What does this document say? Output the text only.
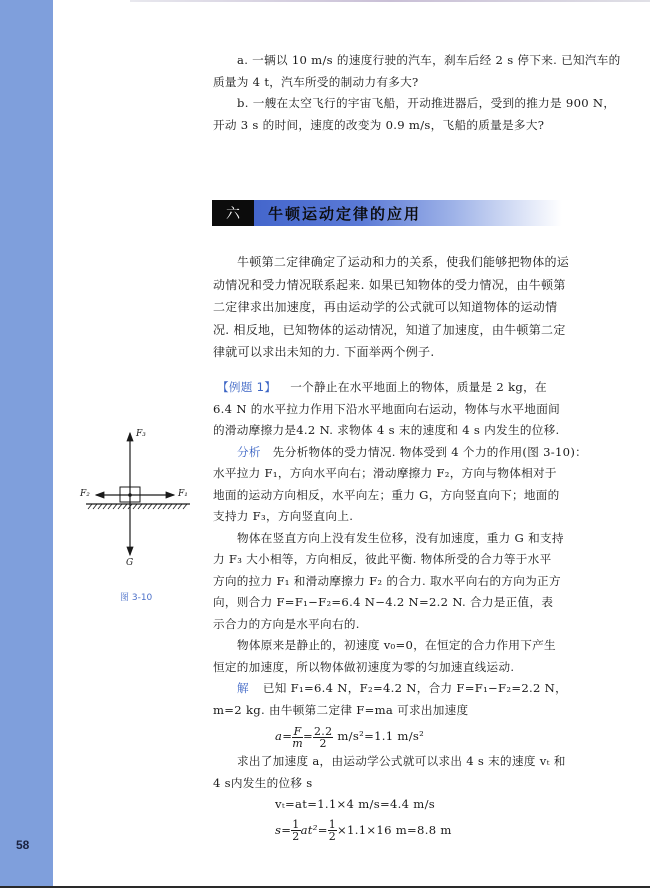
58
a. 一辆以 10 m/s 的速度行驶的汽车，刹车后经 2 s 停下来. 已知汽车的
质量为 4 t，汽车所受的制动力有多大?
b. 一艘在太空飞行的宇宙飞船，开动推进器后，受到的推力是 900 N，
开动 3 s 的时间，速度的改变为 0.9 m/s，飞船的质量是多大?
六	牛顿运动定律的应用
牛顿第二定律确定了运动和力的关系，使我们能够把物体的运
动情况和受力情况联系起来. 如果已知物体的受力情况，由牛顿第
二定律求出加速度，再由运动学的公式就可以知道物体的运动情
况. 相反地，已知物体的运动情况，知道了加速度，由牛顿第二定
律就可以求出未知的力. 下面举两个例子.
【例题 1】 一个静止在水平地面上的物体，质量是 2 kg，在
6.4 N 的水平拉力作用下沿水平地面向右运动，物体与水平地面间
的滑动摩擦力是4.2 N. 求物体 4 s 末的速度和 4 s 内发生的位移.
分析 先分析物体的受力情况. 物体受到 4 个力的作用(图 3-10)：
水平拉力 F₁，方向水平向右；滑动摩擦力 F₂，方向与物体相对于
地面的运动方向相反，水平向左；重力 G，方向竖直向下；地面的
支持力 F₃，方向竖直向上.
物体在竖直方向上没有发生位移，没有加速度，重力 G 和支持
力 F₃ 大小相等，方向相反，彼此平衡. 物体所受的合力等于水平
方向的拉力 F₁ 和滑动摩擦力 F₂ 的合力. 取水平向右的方向为正方
向，则合力 F=F₁−F₂=6.4 N−4.2 N=2.2 N. 合力是正值，表
示合力的方向是水平向右的.
物体原来是静止的，初速度 v₀=0，在恒定的合力作用下产生
恒定的加速度，所以物体做初速度为零的匀加速直线运动.
解 已知 F₁=6.4 N，F₂=4.2 N，合力 F=F₁−F₂=2.2 N，
m=2 kg. 由牛顿第二定律 F=ma 可求出加速度
$a= \frac{F}{m} = \frac{2.2}{2} m/s^2=1.1$ m/s²
求出了加速度 a，由运动学公式就可以求出 4 s 末的速度 vₜ 和
4 s内发生的位移 s
vₜ=at=1.1×4 m/s=4.4 m/s
$s= \frac{1}{2} at^2= \frac{1}{2} \times 1.1\times 16$ m=8.8 m
F₃
F₁
F₂
G
图 3-10
